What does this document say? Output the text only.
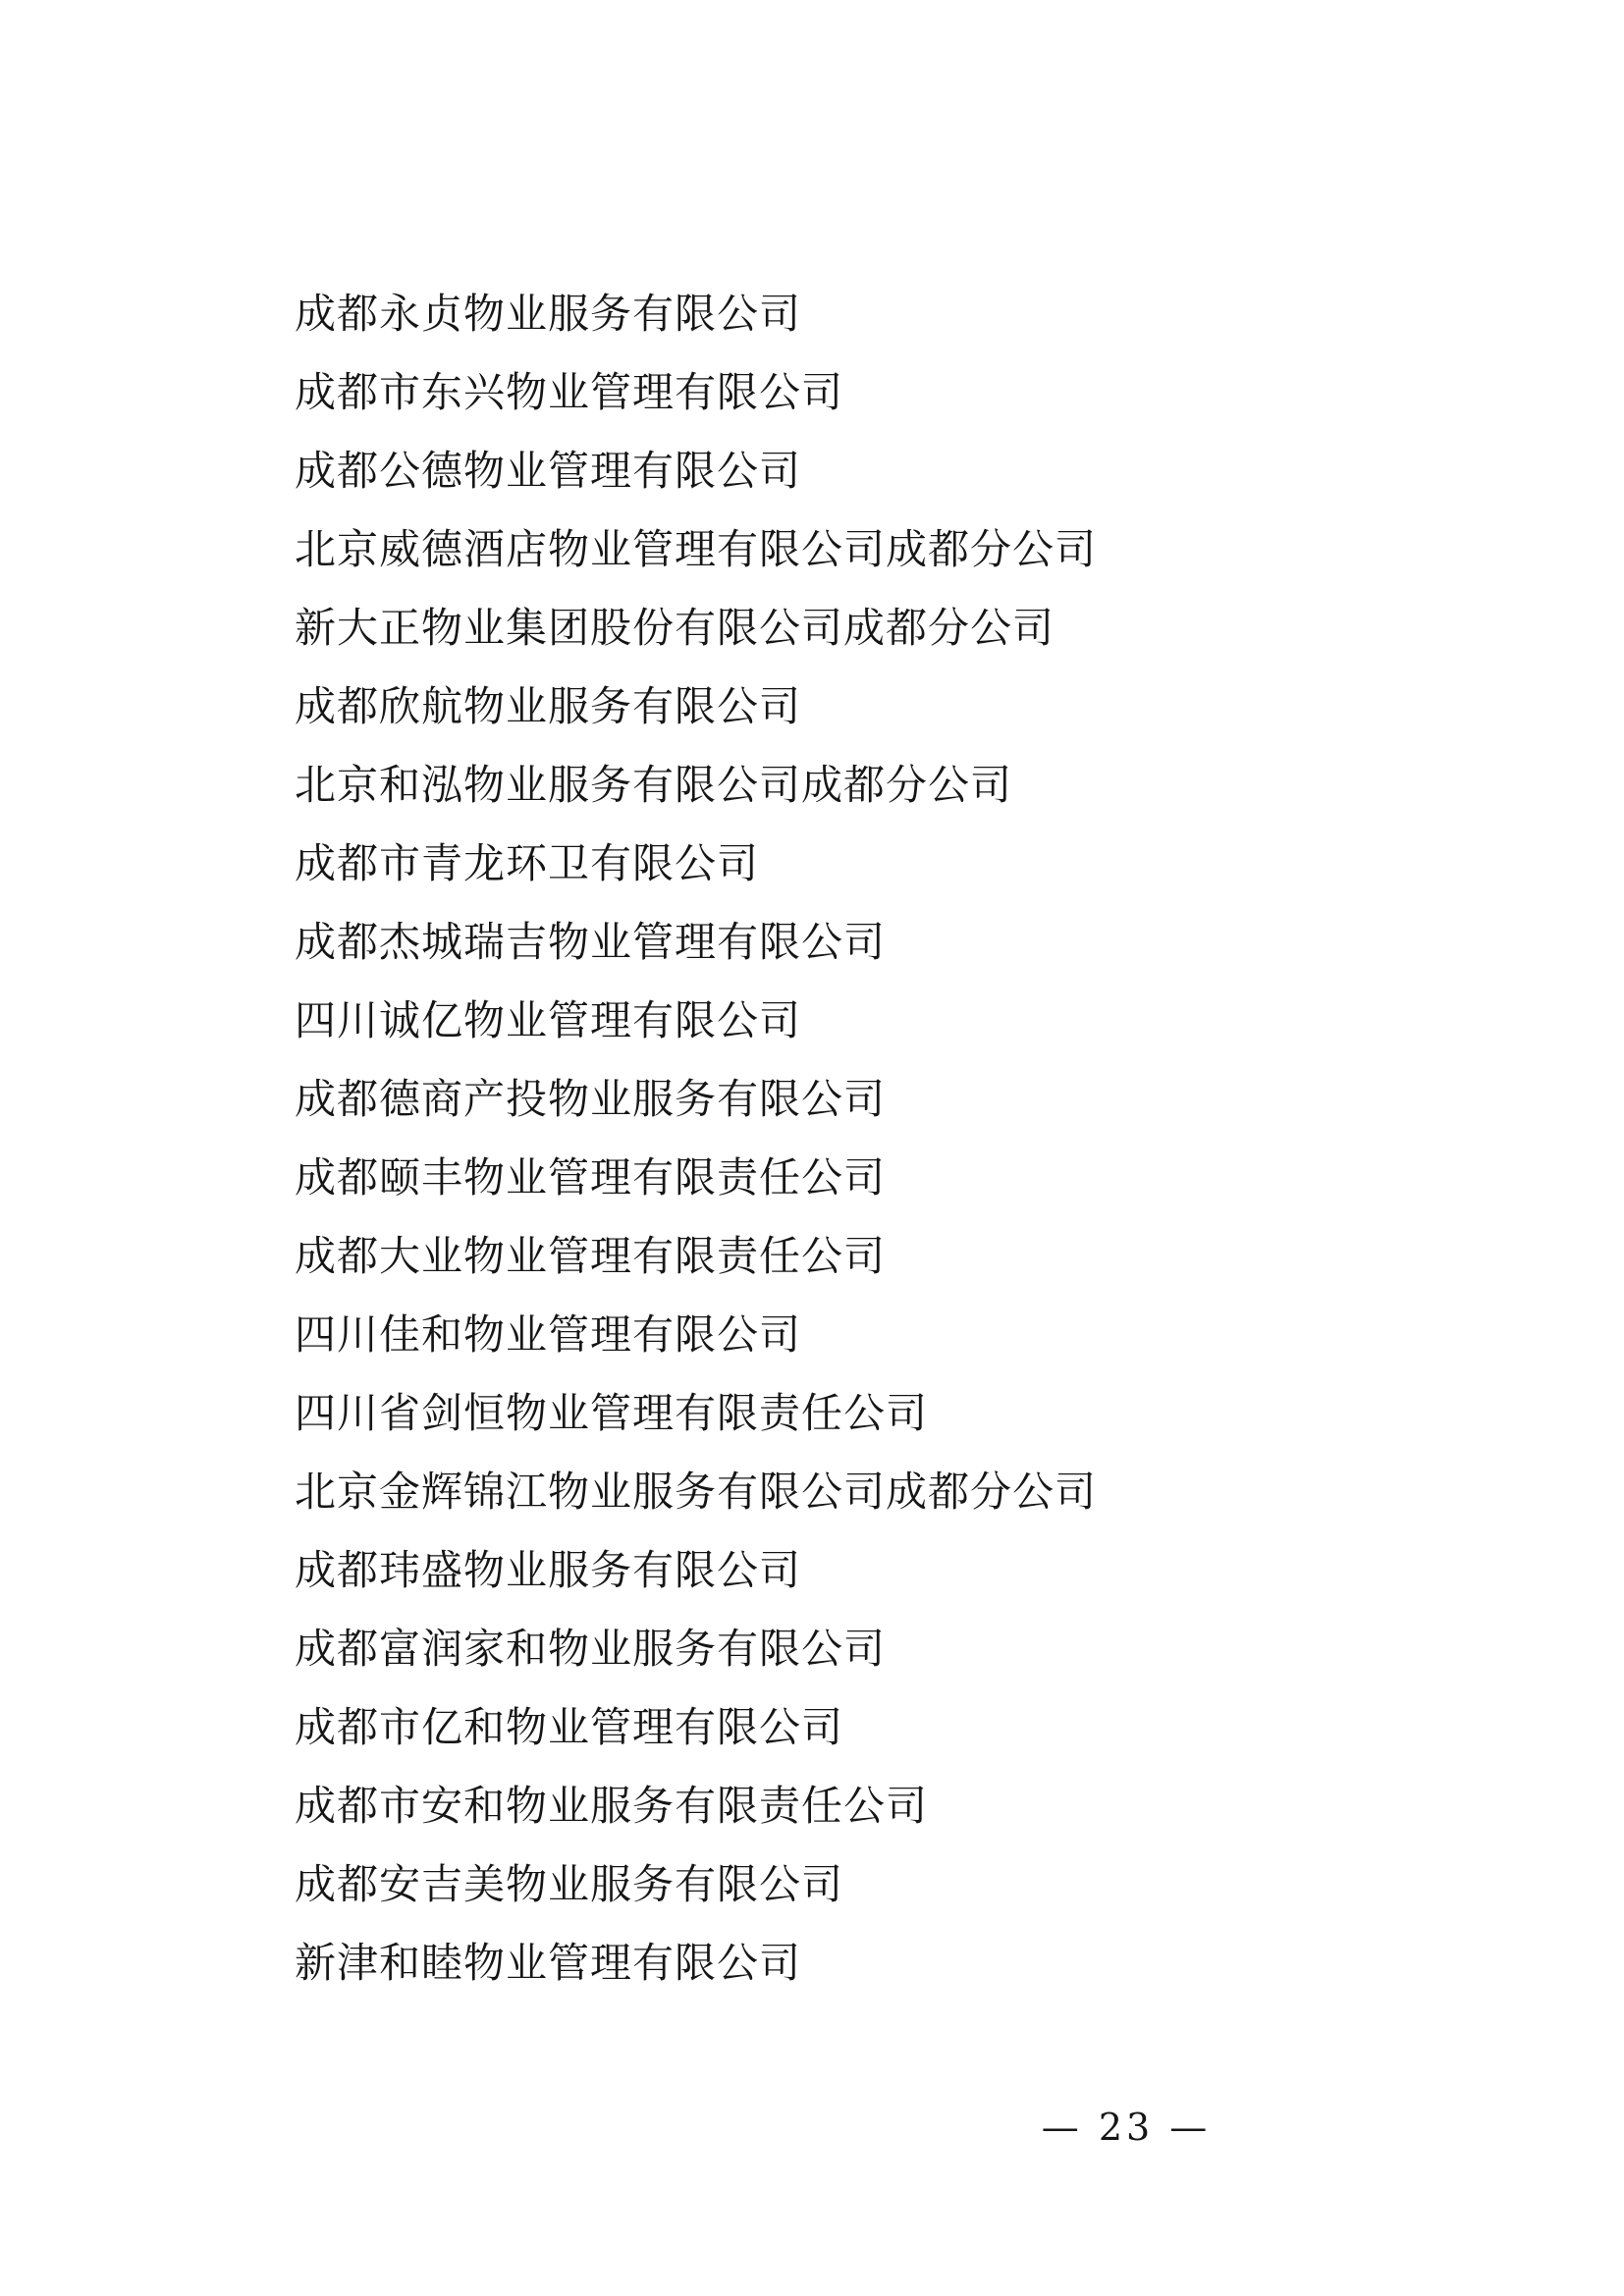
成都永贞物业服务有限公司
成都市东兴物业管理有限公司
成都公德物业管理有限公司
北京威德酒店物业管理有限公司成都分公司
新大正物业集团股份有限公司成都分公司
成都欣航物业服务有限公司
北京和泓物业服务有限公司成都分公司
成都市青龙环卫有限公司
成都杰城瑞吉物业管理有限公司
四川诚亿物业管理有限公司
成都德商产投物业服务有限公司
成都颐丰物业管理有限责任公司
成都大业物业管理有限责任公司
四川佳和物业管理有限公司
四川省剑恒物业管理有限责任公司
北京金辉锦江物业服务有限公司成都分公司
成都玮盛物业服务有限公司
成都富润家和物业服务有限公司
成都市亿和物业管理有限公司
成都市安和物业服务有限责任公司
成都安吉美物业服务有限公司
新津和睦物业管理有限公司
— 23 —
